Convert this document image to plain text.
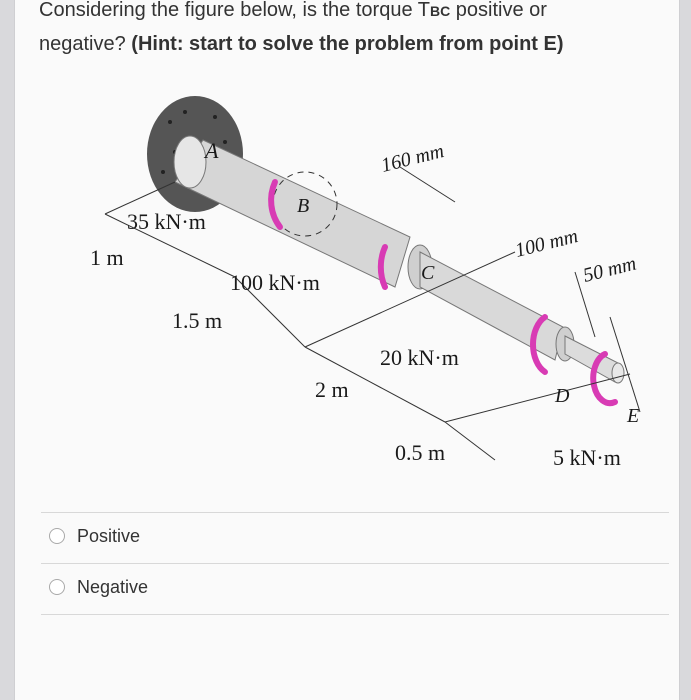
Considering the figure below, is the torque TBC positive or
negative? (Hint: start to solve the problem from point E)

A
B
C
D
E
35 kN·m
100 kN·m
20 kN·m
5 kN·m
1 m
1.5 m
2 m
0.5 m
160 mm
100 mm
50 mm
Positive
Negative
